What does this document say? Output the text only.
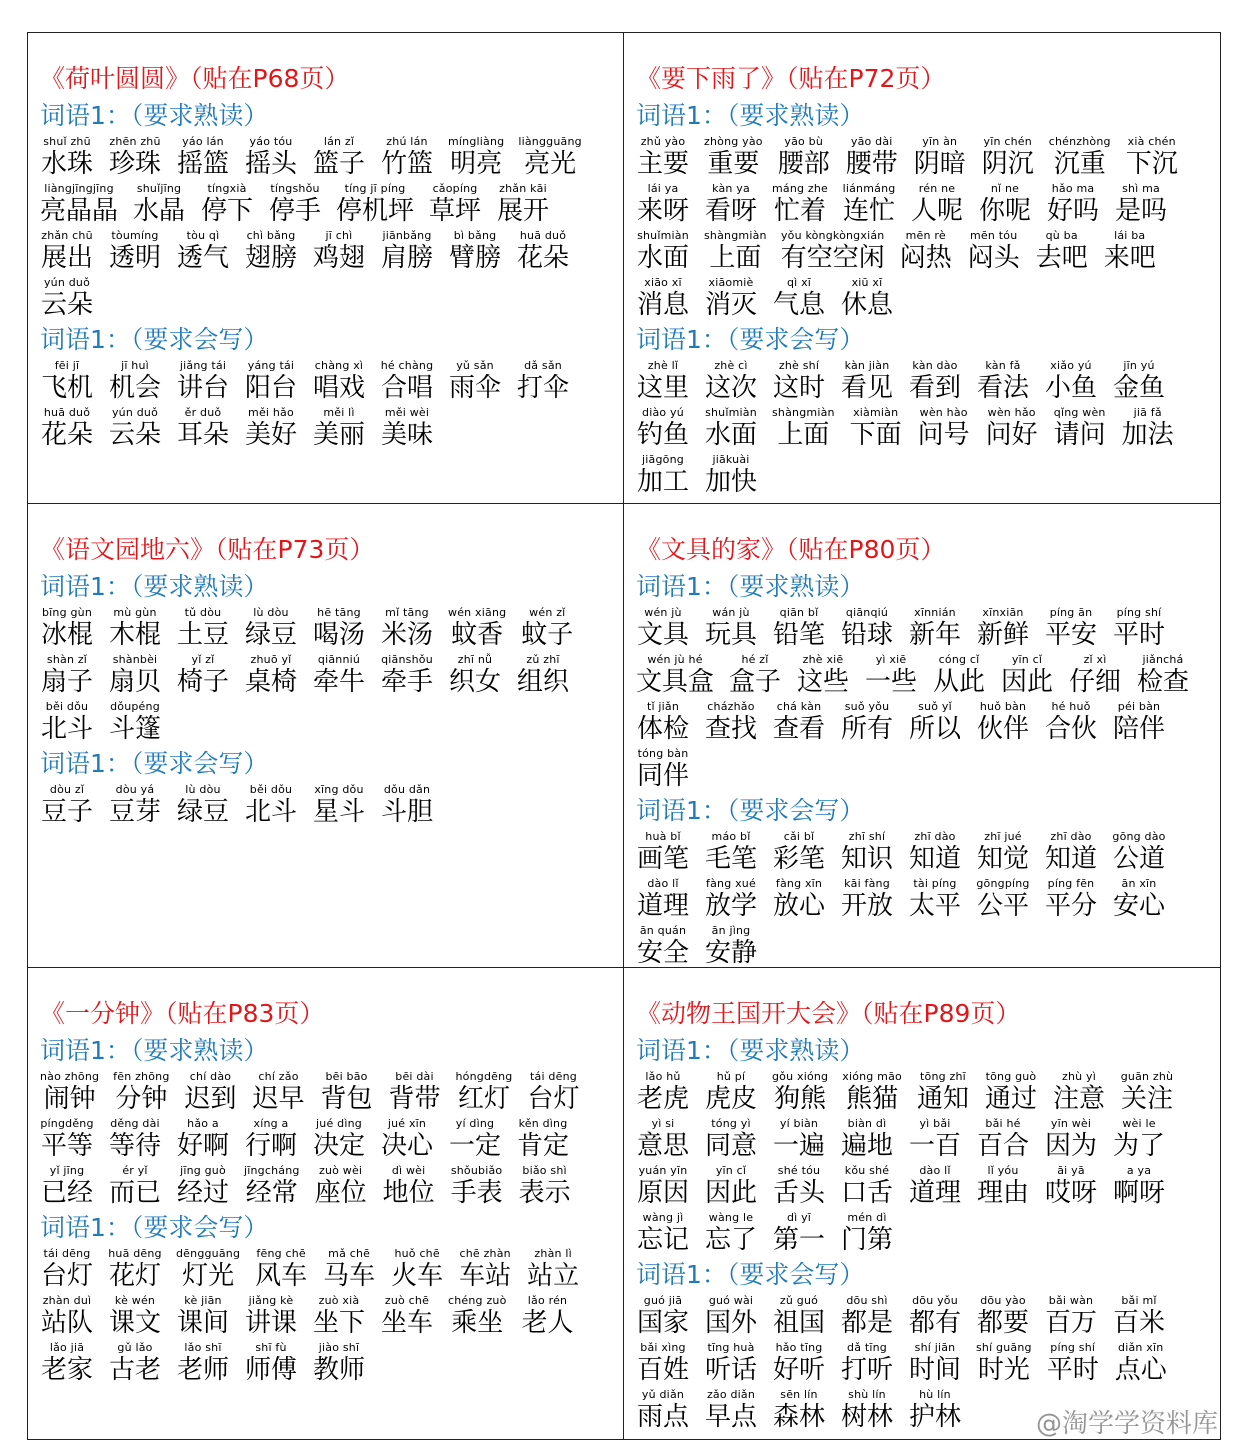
《荷叶圆圆》（贴在P68页）
词语1：（要求熟读）
shuǐ zhū
水珠
zhēn zhū
珍珠
yáo lán
摇篮
yáo tóu
摇头
lán zǐ
篮子
zhú lán
竹篮
míngliàng
明亮
liàngguāng
亮光
liàngjīngjīng
亮晶晶
shuǐjīng
水晶
tíngxià
停下
tíngshǒu
停手
tíng jī píng
停机坪
cǎopíng
草坪
zhǎn kāi
展开
zhǎn chū
展出
tòumíng
透明
tòu qì
透气
chì bǎng
翅膀
jī chì
鸡翅
jiānbǎng
肩膀
bì bǎng
臂膀
huā duǒ
花朵
yún duǒ
云朵
词语1：（要求会写）
fēi jī
飞机
jī huì
机会
jiǎng tái
讲台
yáng tái
阳台
chàng xì
唱戏
hé chàng
合唱
yǔ sǎn
雨伞
dǎ sǎn
打伞
huā duǒ
花朵
yún duǒ
云朵
ěr duǒ
耳朵
měi hǎo
美好
měi lì
美丽
měi wèi
美味
《要下雨了》（贴在P72页）
词语1：（要求熟读）
zhǔ yào
主要
zhòng yào
重要
yāo bù
腰部
yāo dài
腰带
yīn àn
阴暗
yīn chén
阴沉
chénzhòng
沉重
xià chén
下沉
lái ya
来呀
kàn ya
看呀
máng zhe
忙着
liánmáng
连忙
rén ne
人呢
nǐ ne
你呢
hǎo ma
好吗
shì ma
是吗
shuǐmiàn
水面
shàngmiàn
上面
yǒu kòngkòngxián
有空空闲
mēn rè
闷热
mēn tóu
闷头
qù ba
去吧
lái ba
来吧
xiāo xī
消息
xiāomiè
消灭
qì xī
气息
xiū xī
休息
词语1：（要求会写）
zhè lǐ
这里
zhè cì
这次
zhè shí
这时
kàn jiàn
看见
kàn dào
看到
kàn fǎ
看法
xiǎo yú
小鱼
jīn yú
金鱼
diào yú
钓鱼
shuǐmiàn
水面
shàngmiàn
上面
xiàmiàn
下面
wèn hào
问号
wèn hǎo
问好
qǐng wèn
请问
jiā fǎ
加法
jiāgōng
加工
jiākuài
加快
《语文园地六》（贴在P73页）
词语1：（要求熟读）
bīng gùn
冰棍
mù gùn
木棍
tǔ dòu
土豆
lù dòu
绿豆
hē tāng
喝汤
mǐ tāng
米汤
wén xiāng
蚊香
wén zǐ
蚊子
shàn zǐ
扇子
shànbèi
扇贝
yǐ zǐ
椅子
zhuō yǐ
桌椅
qiānniú
牵牛
qiānshǒu
牵手
zhī nǚ
织女
zǔ zhī
组织
běi dǒu
北斗
dǒupéng
斗篷
词语1：（要求会写）
dòu zǐ
豆子
dòu yá
豆芽
lù dòu
绿豆
běi dǒu
北斗
xīng dǒu
星斗
dǒu dǎn
斗胆
《文具的家》（贴在P80页）
词语1：（要求熟读）
wén jù
文具
wán jù
玩具
qiān bǐ
铅笔
qiānqiú
铅球
xīnnián
新年
xīnxiān
新鲜
píng ān
平安
píng shí
平时
wén jù hé
文具盒
hé zǐ
盒子
zhè xiē
这些
yì xiē
一些
cóng cǐ
从此
yīn cǐ
因此
zǐ xì
仔细
jiǎnchá
检查
tǐ jiǎn
体检
cházhǎo
查找
chá kàn
查看
suǒ yǒu
所有
suǒ yǐ
所以
huǒ bàn
伙伴
hé huǒ
合伙
péi bàn
陪伴
tóng bàn
同伴
词语1：（要求会写）
huà bǐ
画笔
máo bǐ
毛笔
cǎi bǐ
彩笔
zhī shí
知识
zhī dào
知道
zhī jué
知觉
zhī dào
知道
gōng dào
公道
dào lǐ
道理
fàng xué
放学
fàng xīn
放心
kāi fàng
开放
tài píng
太平
gōngpíng
公平
píng fēn
平分
ān xīn
安心
ān quán
安全
ān jìng
安静
《一分钟》（贴在P83页）
词语1：（要求熟读）
nào zhōng
闹钟
fēn zhōng
分钟
chí dào
迟到
chí zǎo
迟早
bēi bāo
背包
bēi dài
背带
hóngdēng
红灯
tái dēng
台灯
píngděng
平等
děng dài
等待
hǎo a
好啊
xíng a
行啊
jué dìng
决定
jué xīn
决心
yí dìng
一定
kěn dìng
肯定
yǐ jīng
已经
ér yǐ
而已
jīng guò
经过
jīngcháng
经常
zuò wèi
座位
dì wèi
地位
shǒubiǎo
手表
biǎo shì
表示
词语1：（要求会写）
tái dēng
台灯
huā dēng
花灯
dēngguāng
灯光
fēng chē
风车
mǎ chē
马车
huǒ chē
火车
chē zhàn
车站
zhàn lì
站立
zhàn duì
站队
kè wén
课文
kè jiān
课间
jiǎng kè
讲课
zuò xià
坐下
zuò chē
坐车
chéng zuò
乘坐
lǎo rén
老人
lǎo jiā
老家
gǔ lǎo
古老
lǎo shī
老师
shī fù
师傅
jiào shī
教师
《动物王国开大会》（贴在P89页）
词语1：（要求熟读）
lǎo hǔ
老虎
hǔ pí
虎皮
gǒu xióng
狗熊
xióng māo
熊猫
tōng zhī
通知
tōng guò
通过
zhù yì
注意
guān zhù
关注
yì si
意思
tóng yì
同意
yí biàn
一遍
biàn dì
遍地
yì bǎi
一百
bǎi hé
百合
yīn wèi
因为
wèi le
为了
yuán yīn
原因
yīn cǐ
因此
shé tóu
舌头
kǒu shé
口舌
dào lǐ
道理
lǐ yóu
理由
āi yā
哎呀
a ya
啊呀
wàng jì
忘记
wàng le
忘了
dì yī
第一
mén dì
门第
词语1：（要求会写）
guó jiā
国家
guó wài
国外
zǔ guó
祖国
dōu shì
都是
dōu yǒu
都有
dōu yào
都要
bǎi wàn
百万
bǎi mǐ
百米
bǎi xìng
百姓
tīng huà
听话
hǎo tīng
好听
dǎ tīng
打听
shí jiān
时间
shí guāng
时光
píng shí
平时
diǎn xīn
点心
yǔ diǎn
雨点
zǎo diǎn
早点
sēn lín
森林
shù lín
树林
hù lín
护林	@淘学学资料库
